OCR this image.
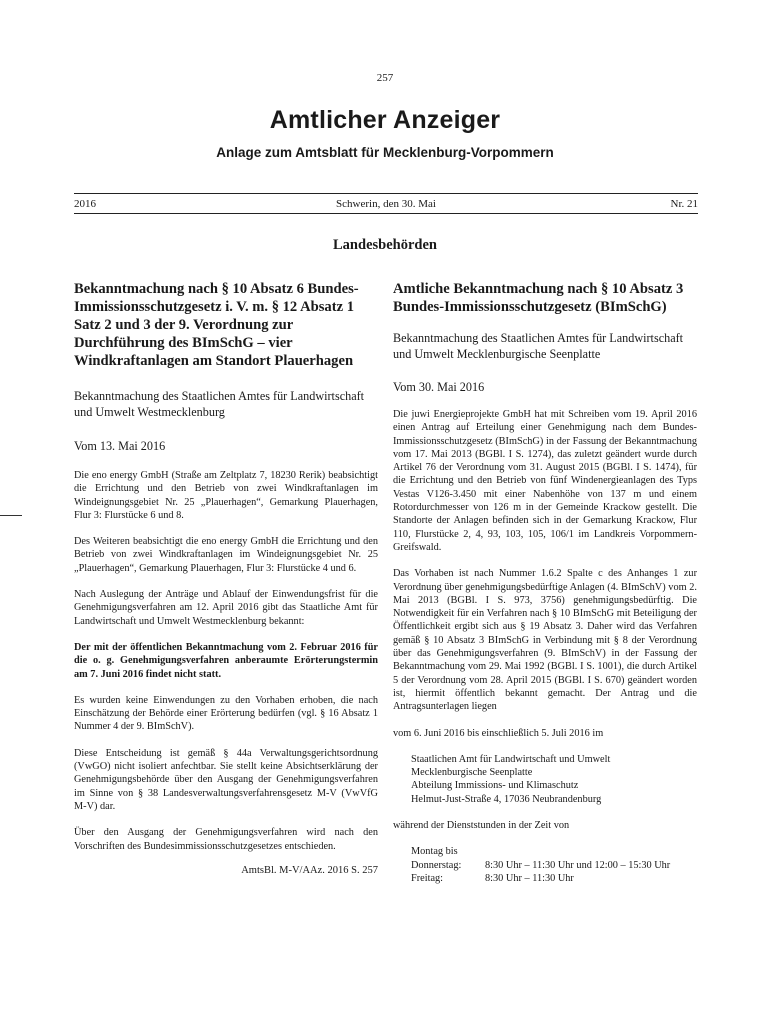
257
Amtlicher Anzeiger
Anlage zum Amtsblatt für Mecklenburg-Vorpommern
2016	Schwerin, den 30. Mai	Nr. 21
Landesbehörden
Bekanntmachung nach § 10 Absatz 6 Bundes-Immissionsschutzgesetz i. V. m. § 12 Absatz 1 Satz 2 und 3 der 9. Verordnung zur Durchführung des BImSchG – vier Windkraftanlagen am Standort Plauerhagen

Bekanntmachung des Staatlichen Amtes für Landwirtschaft und Umwelt Westmecklenburg

Vom 13. Mai 2016

Die eno energy GmbH (Straße am Zeltplatz 7, 18230 Rerik) beabsichtigt die Errichtung und den Betrieb von zwei Windkraftanlagen im Windeignungsgebiet Nr. 25 „Plauerhagen“, Gemarkung Plauerhagen, Flur 3: Flurstücke 6 und 8.

Des Weiteren beabsichtigt die eno energy GmbH die Errichtung und den Betrieb von zwei Windkraftanlagen im Windeignungsgebiet Nr. 25 „Plauerhagen“, Gemarkung Plauerhagen, Flur 3: Flurstücke 4 und 6.

Nach Auslegung der Anträge und Ablauf der Einwendungsfrist für die Genehmigungsverfahren am 12. April 2016 gibt das Staatliche Amt für Landwirtschaft und Umwelt Westmecklenburg bekannt:

Der mit der öffentlichen Bekanntmachung vom 2. Februar 2016 für die o. g. Genehmigungsverfahren anberaumte Erörterungstermin am 7. Juni 2016 findet nicht statt.

Es wurden keine Einwendungen zu den Vorhaben erhoben, die nach Einschätzung der Behörde einer Erörterung bedürfen (vgl. § 16 Absatz 1 Nummer 4 der 9. BImSchV).

Diese Entscheidung ist gemäß § 44a Verwaltungsgerichtsordnung (VwGO) nicht isoliert anfechtbar. Sie stellt keine Absichtserklärung der Genehmigungsbehörde über den Ausgang der Genehmigungsverfahren im Sinne von § 38 Landesverwaltungsverfahrensgesetz M-V (VwVfG M-V) dar.

Über den Ausgang der Genehmigungsverfahren wird nach den Vorschriften des Bundesimmissionsschutzgesetzes entschieden.

AmtsBl. M-V/AAz. 2016 S. 257

Amtliche Bekanntmachung nach § 10 Absatz 3 Bundes-Immissionsschutzgesetz (BImSchG)

Bekanntmachung des Staatlichen Amtes für Landwirtschaft und Umwelt Mecklenburgische Seenplatte

Vom 30. Mai 2016

Die juwi Energieprojekte GmbH hat mit Schreiben vom 19. April 2016 einen Antrag auf Erteilung einer Genehmigung nach dem Bundes-Immissionsschutzgesetz (BImSchG) in der Fassung der Bekanntmachung vom 17. Mai 2013 (BGBl. I S. 1274), das zuletzt geändert wurde durch Artikel 76 der Verordnung vom 31. August 2015 (BGBl. I S. 1474), für die Errichtung und den Betrieb von fünf Windenergieanlagen des Typs Vestas V126-3.450 mit einer Nabenhöhe von 137 m und einem Rotordurchmesser von 126 m in der Gemeinde Krackow gestellt. Die Standorte der Anlagen befinden sich in der Gemarkung Krackow, Flur 110, Flurstücke 2, 4, 93, 103, 105, 106/1 im Landkreis Vorpommern-Greifswald.

Das Vorhaben ist nach Nummer 1.6.2 Spalte c des Anhanges 1 zur Verordnung über genehmigungsbedürftige Anlagen (4. BImSchV) vom 2. Mai 2013 (BGBl. I S. 973, 3756) genehmigungsbedürftig. Die Notwendigkeit für ein Verfahren nach § 10 BImSchG mit Beteiligung der Öffentlichkeit ergibt sich aus § 19 Absatz 3. Daher wird das Verfahren gemäß § 10 Absatz 3 BImSchG in Verbindung mit § 8 der Verordnung über das Genehmigungsverfahren (9. BImSchV) in der Fassung der Bekanntmachung vom 29. Mai 1992 (BGBl. I S. 1001), die durch Artikel 5 der Verordnung vom 28. April 2015 (BGBl. I S. 670) geändert worden ist, hiermit öffentlich bekannt gemacht. Der Antrag und die Antragsunterlagen liegen

vom 6. Juni 2016 bis einschließlich 5. Juli 2016 im

Staatlichen Amt für Landwirtschaft und Umwelt
Mecklenburgische Seenplatte
Abteilung Immissions- und Klimaschutz
Helmut-Just-Straße 4, 17036 Neubrandenburg

während der Dienststunden in der Zeit von

Montag bis	
Donnerstag:	8:30 Uhr – 11:30 Uhr und 12:00 – 15:30 Uhr
Freitag:	8:30 Uhr – 11:30 Uhr
